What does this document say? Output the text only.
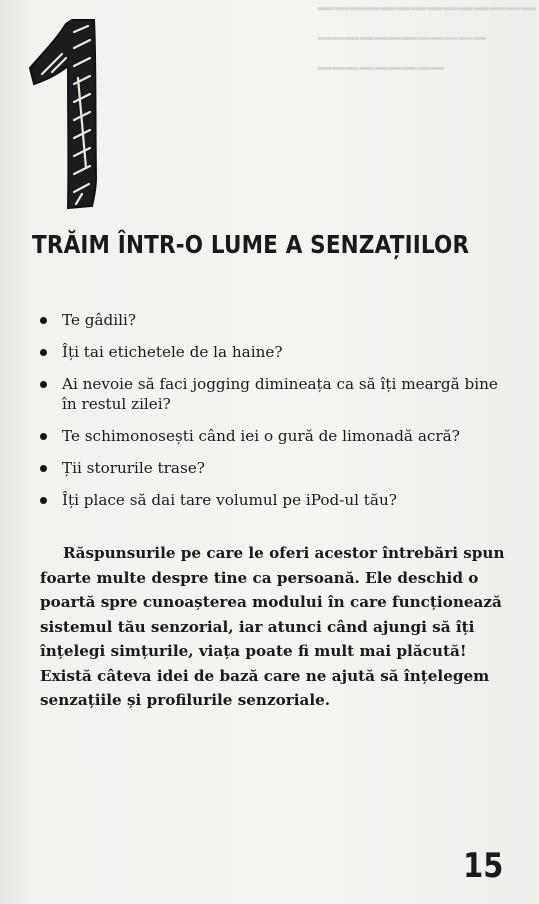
▔▔▔▔▔▔▔▔▔▔▔▔▔▔
▔▔▔▔▔▔▔▔▔▔▔▔
▔▔▔▔▔▔▔▔▔
TRĂIM ÎNTR-O LUME A SENZAȚIILOR
Te gâdili?
Îți tai etichetele de la haine?
Ai nevoie să faci jogging dimineața ca să îți meargă bine în restul zilei?
Te schimonosești când iei o gură de limonadă acră?
Ții storurile trase?
Îți place să dai tare volumul pe iPod-ul tău?

Răspunsurile pe care le oferi acestor întrebări spun foarte multe despre tine ca persoană. Ele deschid o poartă spre cunoașterea modului în care funcționează sistemul tău senzorial, iar atunci când ajungi să îți înțelegi simțurile, viața poate fi mult mai plăcută! Există câteva idei de bază care ne ajută să înțelegem senzațiile și profilurile senzoriale.

15
